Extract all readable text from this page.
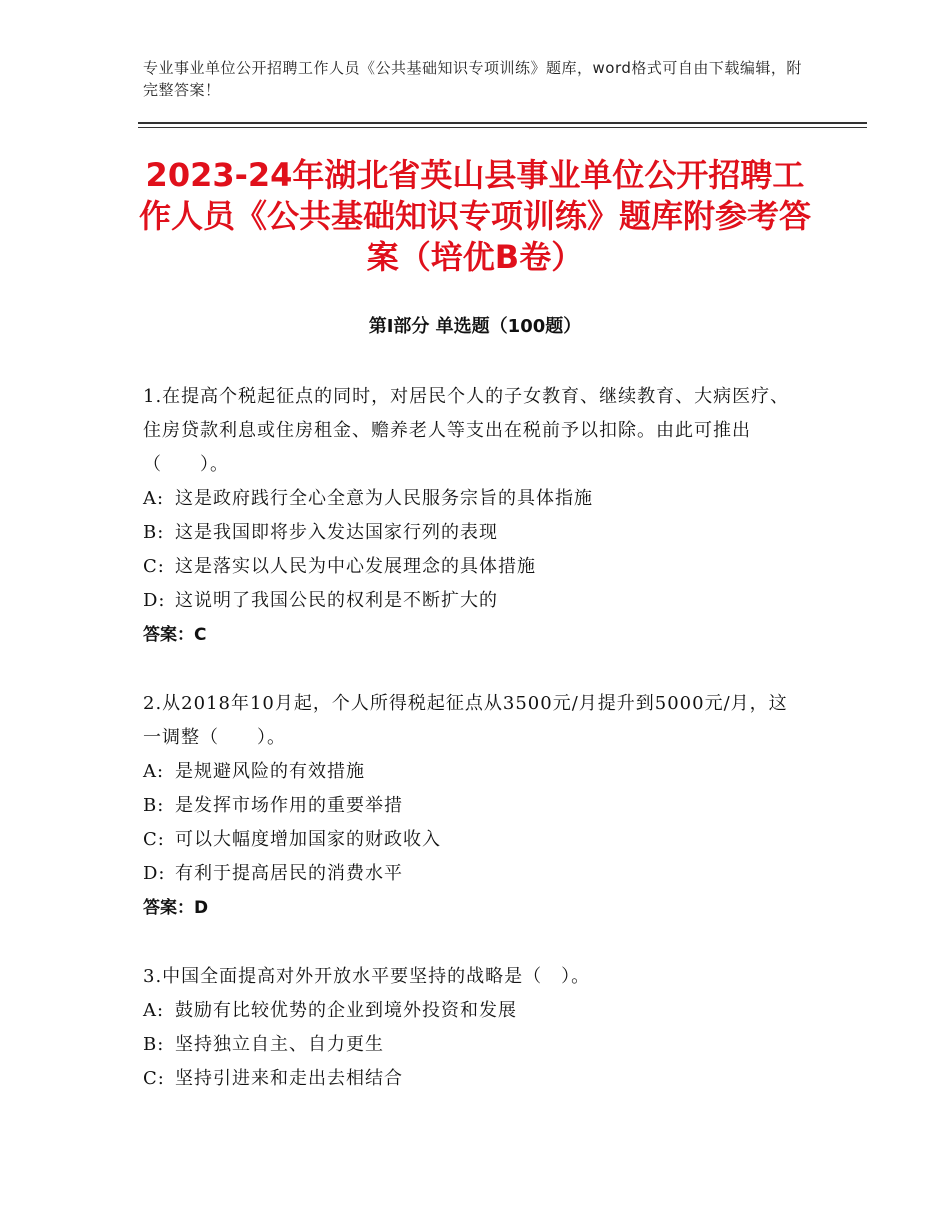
专业事业单位公开招聘工作人员《公共基础知识专项训练》题库，word格式可自由下载编辑，附完整答案！
2023-24年湖北省英山县事业单位公开招聘工作人员《公共基础知识专项训练》题库附参考答案（培优B卷）
第Ⅰ部分 单选题（100题）
1.在提高个税起征点的同时，对居民个人的子女教育、继续教育、大病医疗、住房贷款利息或住房租金、赡养老人等支出在税前予以扣除。由此可推出（　　）。
A: 这是政府践行全心全意为人民服务宗旨的具体指施
B: 这是我国即将步入发达国家行列的表现
C: 这是落实以人民为中心发展理念的具体措施
D: 这说明了我国公民的权利是不断扩大的
答案：C
2.从2018年10月起，个人所得税起征点从3500元/月提升到5000元/月，这一调整（　　）。
A: 是规避风险的有效措施
B: 是发挥市场作用的重要举措
C: 可以大幅度增加国家的财政收入
D: 有利于提高居民的消费水平
答案：D
3.中国全面提高对外开放水平要坚持的战略是（　）。
A: 鼓励有比较优势的企业到境外投资和发展
B: 坚持独立自主、自力更生
C: 坚持引进来和走出去相结合
